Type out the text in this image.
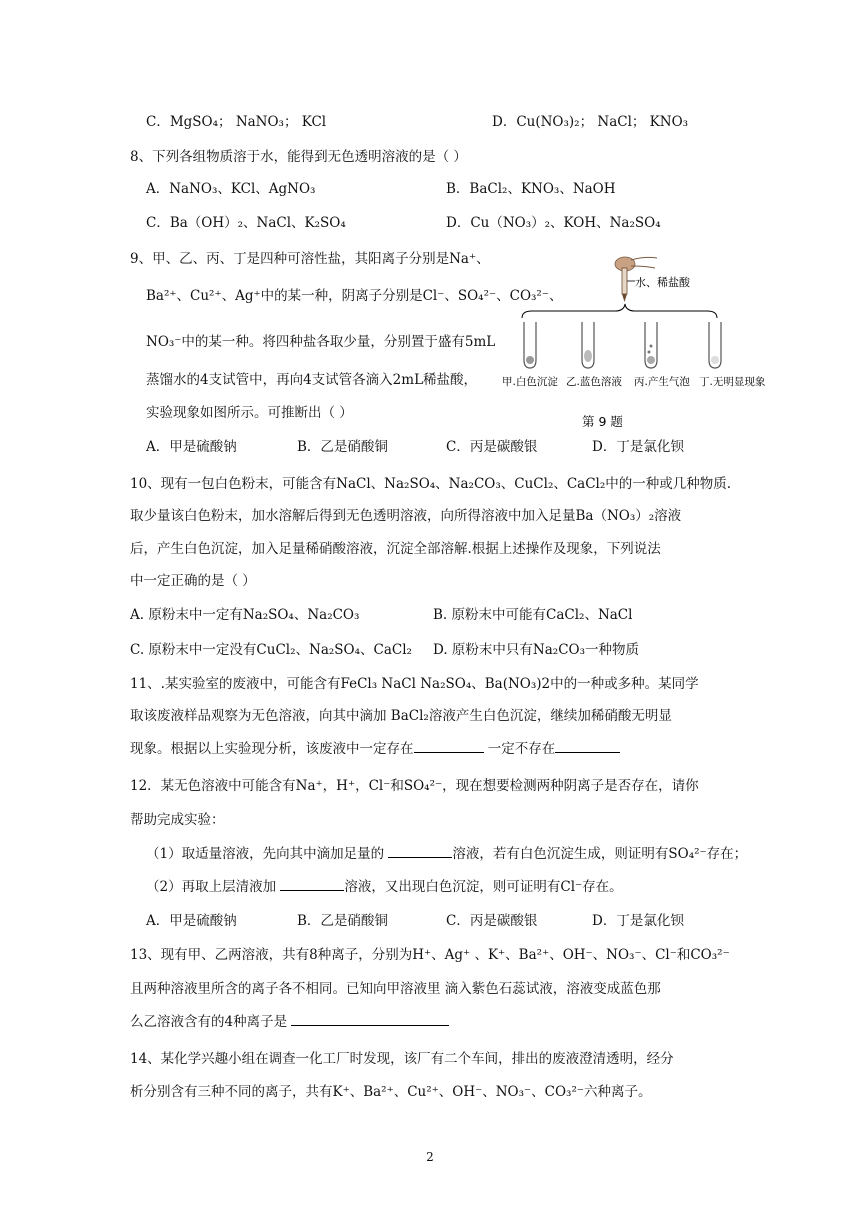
C．MgSO₄； NaNO₃； KCl	D．Cu(NO₃)₂； NaCl； KNO₃
8、下列各组物质溶于水，能得到无色透明溶液的是（ ）
A．NaNO₃、KCl、AgNO₃	B．BaCl₂、KNO₃、NaOH
C．Ba（OH）₂、NaCl、K₂SO₄	D．Cu（NO₃）₂、KOH、Na₂SO₄
9、甲、乙、丙、丁是四种可溶性盐，其阳离子分别是Na⁺、
Ba²⁺、Cu²⁺、Ag⁺中的某一种，阴离子分别是Cl⁻、SO₄²⁻、CO₃²⁻、
NO₃⁻中的某一种。将四种盐各取少量，分别置于盛有5mL
蒸馏水的4支试管中，再向4支试管各滴入2mL稀盐酸，
实验现象如图所示。可推断出（ ）
水、稀盐酸
甲.白色沉淀 乙.蓝色溶液 丙.产生气泡 丁.无明显现象
第 9 题
A．甲是硫酸钠	B．乙是硝酸铜	C．丙是碳酸银	D．丁是氯化钡
10、现有一包白色粉末，可能含有NaCl、Na₂SO₄、Na₂CO₃、CuCl₂、CaCl₂中的一种或几种物质.
取少量该白色粉末，加水溶解后得到无色透明溶液，向所得溶液中加入足量Ba（NO₃）₂溶液
后，产生白色沉淀，加入足量稀硝酸溶液，沉淀全部溶解.根据上述操作及现象，下列说法
中一定正确的是（ ）
A. 原粉末中一定有Na₂SO₄、Na₂CO₃	B. 原粉末中可能有CaCl₂、NaCl
C. 原粉末中一定没有CuCl₂、Na₂SO₄、CaCl₂ D. 原粉末中只有Na₂CO₃一种物质
11、.某实验室的废液中，可能含有FeCl₃ NaCl Na₂SO₄、Ba(NO₃)2中的一种或多种。某同学
取该废液样品观察为无色溶液，向其中滴加 BaCl₂溶液产生白色沉淀，继续加稀硝酸无明显
现象。根据以上实验现分析，该废液中一定存在	一定不存在
12．某无色溶液中可能含有Na⁺，H⁺，Cl⁻和SO₄²⁻，现在想要检测两种阴离子是否存在，请你
帮助完成实验：
（1）取适量溶液，先向其中滴加足量的	溶液，若有白色沉淀生成，则证明有SO₄²⁻存在；
（2）再取上层清液加	溶液，又出现白色沉淀，则可证明有Cl⁻存在。
A．甲是硫酸钠	B．乙是硝酸铜	C．丙是碳酸银	D．丁是氯化钡
13、现有甲、乙两溶液，共有8种离子，分别为H⁺、Ag⁺ 、K⁺、Ba²⁺、OH⁻、NO₃⁻、Cl⁻和CO₃²⁻
且两种溶液里所含的离子各不相同。已知向甲溶液里 滴入紫色石蕊试液，溶液变成蓝色那
么乙溶液含有的4种离子是
14、某化学兴趣小组在调查一化工厂时发现，该厂有二个车间，排出的废液澄清透明，经分
析分别含有三种不同的离子，共有K⁺、Ba²⁺、Cu²⁺、OH⁻、NO₃⁻、CO₃²⁻六种离子。
2
